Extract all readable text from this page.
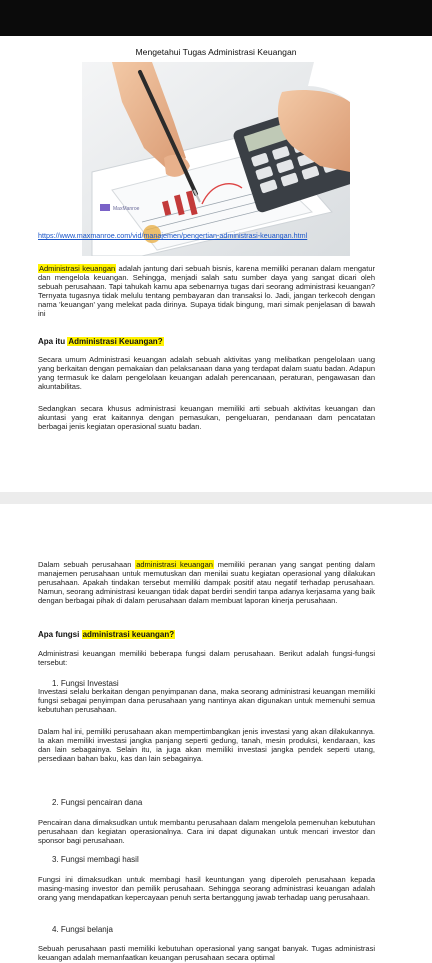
Mengetahui Tugas Administrasi Keuangan
MaxManroe
https://www.maxmanroe.com/vid/manajemen/pengertian-administrasi-keuangan.html
Administrasi keuangan adalah jantung dari sebuah bisnis, karena memiliki peranan dalam mengatur dan mengelola keuangan. Sehingga, menjadi salah satu sumber daya yang sangat dicari oleh sebuah perusahaan. Tapi tahukah kamu apa sebenarnya tugas dari seorang administrasi keuangan? Ternyata tugasnya tidak melulu tentang pembayaran dan transaksi lo. Jadi, jangan terkecoh dengan nama 'keuangan' yang melekat pada dirinya. Supaya tidak bingung, mari simak penjelasan di bawah ini
Apa itu Administrasi Keuangan?
Secara umum Administrasi keuangan adalah sebuah aktivitas yang melibatkan pengelolaan uang yang berkaitan dengan pemakaian dan pelaksanaan dana yang terdapat dalam suatu badan. Adapun yang termasuk ke dalam pengelolaan keuangan adalah perencanaan, peraturan, pengawasan dan akuntabilitas.
Sedangkan secara khusus administrasi keuangan memiliki arti sebuah aktivitas keuangan dan akuntasi yang erat kaitannya dengan pemasukan, pengeluaran, pendanaan dam pencatatan berbagai jenis kegiatan operasional suatu badan.
Dalam sebuah perusahaan administrasi keuangan memiliki peranan yang sangat penting dalam manajemen perusahaan untuk memutuskan dan menilai suatu kegiatan operasional yang dilakukan perusahaan. Apakah tindakan tersebut memiliki dampak positif atau negatif terhadap perusahaan. Namun, seorang administrasi keuangan tidak dapat berdiri sendiri tanpa adanya kerjasama yang baik dengan berbagai pihak di dalam perusahaan dalam membuat laporan kinerja perusahaan.
Apa fungsi administrasi keuangan?
Administrasi keuangan memiliki beberapa fungsi dalam perusahaan. Berikut adalah fungsi-fungsi tersebut:
1. Fungsi Investasi
Investasi selalu berkaitan dengan penyimpanan dana, maka seorang administrasi keuangan memiliki fungsi sebagai penyimpan dana perusahaan yang nantinya akan digunakan untuk memenuhi semua kebutuhan perusahaan.
Dalam hal ini, pemiliki perusahaan akan mempertimbangkan jenis investasi yang akan dilakukannya. Ia akan memiliki investasi jangka panjang seperti gedung, tanah, mesin produksi, kendaraan, kas dan lain sebagainya. Selain itu, ia juga akan memiliki investasi jangka pendek seperti utang, persediaan bahan baku, kas dan lain sebagainya.
2. Fungsi pencairan dana
Pencairan dana dimaksudkan untuk membantu perusahaan dalam mengelola pemenuhan kebutuhan perusahaan dan kegiatan operasionalnya. Cara ini dapat digunakan untuk mencari investor dan sponsor bagi perusahaan.
3. Fungsi membagi hasil
Fungsi ini dimaksudkan untuk membagi hasil keuntungan yang diperoleh perusahaan kepada masing-masing investor dan pemilik perusahaan. Sehingga seorang administrasi keuangan adalah orang yang mendapatkan kepercayaan penuh serta bertanggung jawab terhadap uang perusahaan.
4. Fungsi belanja
Sebuah perusahaan pasti memiliki kebutuhan operasional yang sangat banyak. Tugas administrasi keuangan adalah memanfaatkan keuangan perusahaan secara optimal
